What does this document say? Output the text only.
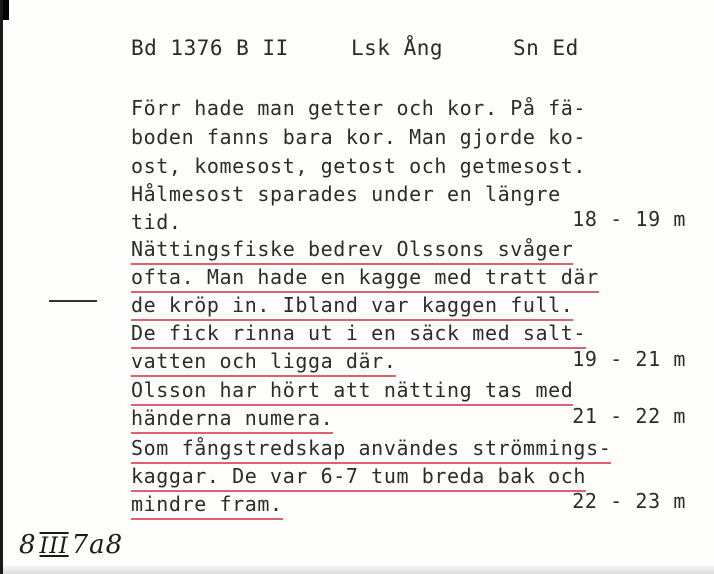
Bd 1376 B II	Lsk Ång	Sn Ed
Förr hade man getter och kor. På fä-
boden fanns bara kor. Man gjorde ko-
ost, komesost, getost och getmesost.
Hålmesost sparades under en längre
tid.	18 - 19 m
Nättingsfiske bedrev Olssons svåger
ofta. Man hade en kagge med tratt där
de kröp in. Ibland var kaggen full.
De fick rinna ut i en säck med salt-
vatten och ligga där.	19 - 21 m
Olsson har hört att nätting tas med
händerna numera.	21 - 22 m
Som fångstredskap användes strömmings-
kaggar. De var 6-7 tum breda bak och
mindre fram.	22 - 23 m
8 III 7a8
